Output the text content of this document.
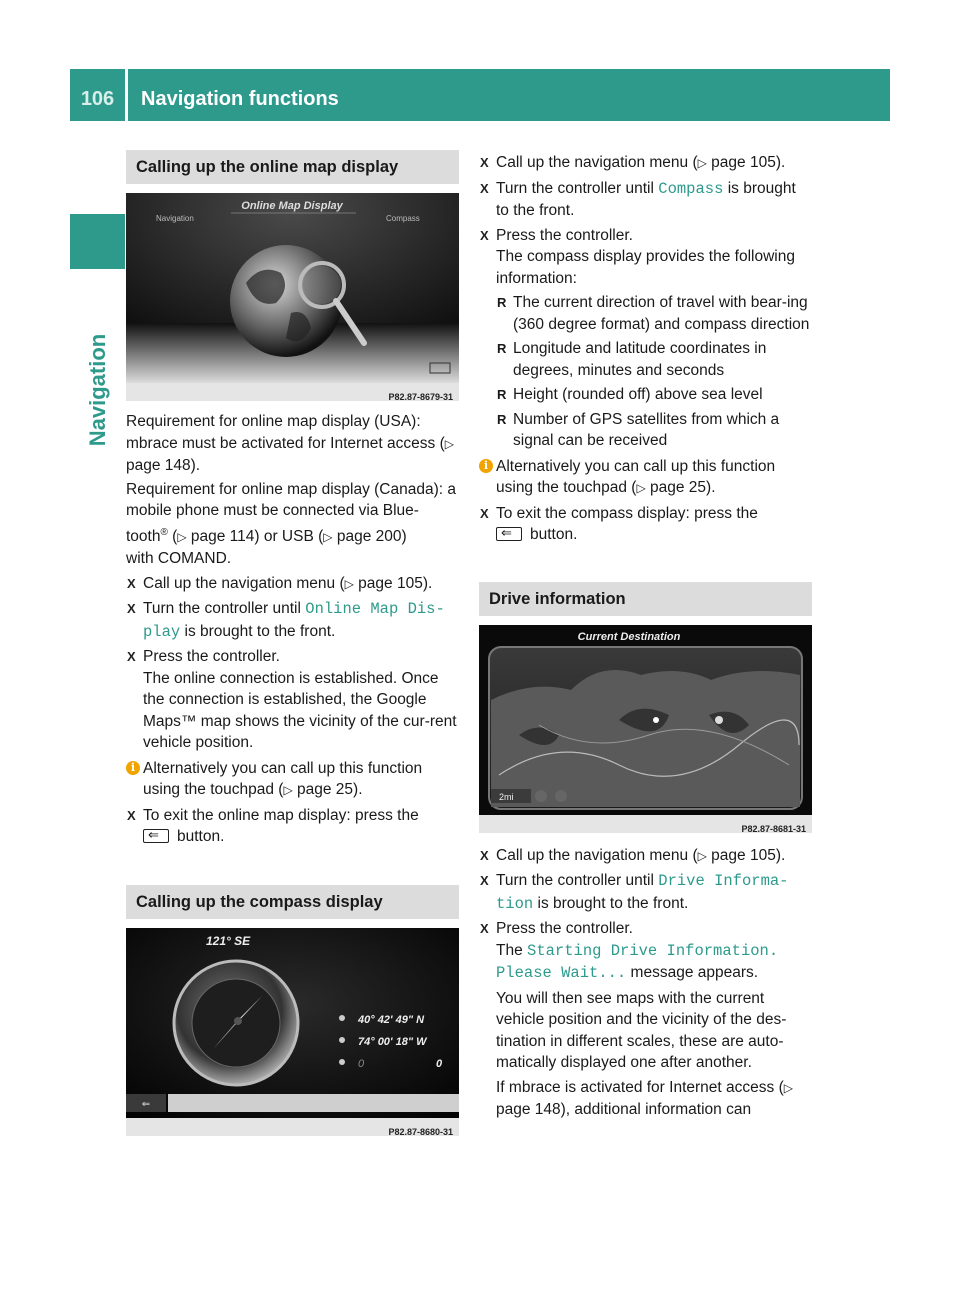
106	Navigation functions
Navigation
Calling up the online map display
Online Map Display
Navigation	Compass
P82.87-8679-31

Requirement for online map display (USA): mbrace must be activated for Internet access (▷ page 148).

Requirement for online map display (Canada): a mobile phone must be connected via Blue-tooth® (▷ page 114) or USB (▷ page 200)
with COMAND.

X Call up the navigation menu (▷ page 105).

X Turn the controller until Online Map Dis-play is brought to the front.

X Press the controller.
The online connection is established. Once the connection is established, the Google Maps™ map shows the vicinity of the cur-rent vehicle position.

i Alternatively you can call up this function using the touchpad (▷ page 25).

X To exit the online map display: press the
⇐button.

Calling up the compass display
121° SE
40° 42' 49" N
74° 00' 18" W
0	0
⇐
P82.87-8680-31

X Call up the navigation menu (▷ page 105).

X Turn the controller until Compass is brought to the front.

X Press the controller.
The compass display provides the following information:

R The current direction of travel with bear-ing (360 degree format) and compass direction

R Longitude and latitude coordinates in degrees, minutes and seconds

R Height (rounded off) above sea level

R Number of GPS satellites from which a signal can be received

i Alternatively you can call up this function using the touchpad (▷ page 25).

X To exit the compass display: press the
⇐button.

Drive information
Current Destination
2mi
P82.87-8681-31

X Call up the navigation menu (▷ page 105).

X Turn the controller until Drive Informa-tion is brought to the front.

X Press the controller.
The Starting Drive Information. Please Wait... message appears.

You will then see maps with the current vehicle position and the vicinity of the des-tination in different scales, these are auto-matically displayed one after another.

If mbrace is activated for Internet access (▷ page 148), additional information can
